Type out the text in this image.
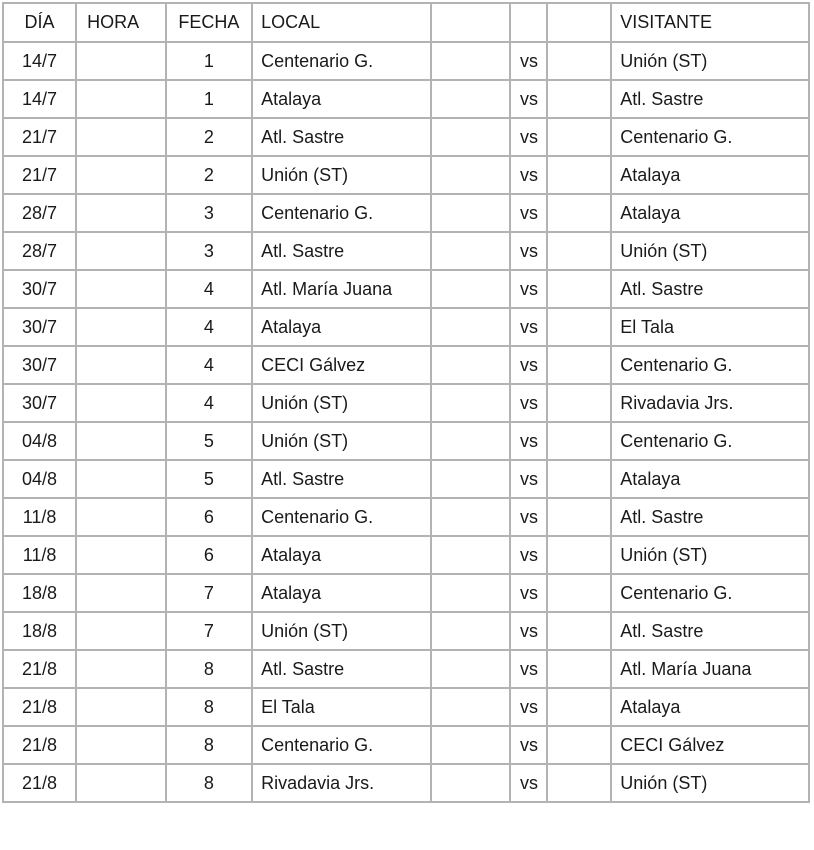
DÍA	HORA	FECHA	LOCAL				VISITANTE
14/7		1	Centenario G.		vs		Unión (ST)
14/7		1	Atalaya		vs		Atl. Sastre
21/7		2	Atl. Sastre		vs		Centenario G.
21/7		2	Unión (ST)		vs		Atalaya
28/7		3	Centenario G.		vs		Atalaya
28/7		3	Atl. Sastre		vs		Unión (ST)
30/7		4	Atl. María Juana		vs		Atl. Sastre
30/7		4	Atalaya		vs		El Tala
30/7		4	CECI Gálvez		vs		Centenario G.
30/7		4	Unión (ST)		vs		Rivadavia Jrs.
04/8		5	Unión (ST)		vs		Centenario G.
04/8		5	Atl. Sastre		vs		Atalaya
11/8		6	Centenario G.		vs		Atl. Sastre
11/8		6	Atalaya		vs		Unión (ST)
18/8		7	Atalaya		vs		Centenario G.
18/8		7	Unión (ST)		vs		Atl. Sastre
21/8		8	Atl. Sastre		vs		Atl. María Juana
21/8		8	El Tala		vs		Atalaya
21/8		8	Centenario G.		vs		CECI Gálvez
21/8		8	Rivadavia Jrs.		vs		Unión (ST)
